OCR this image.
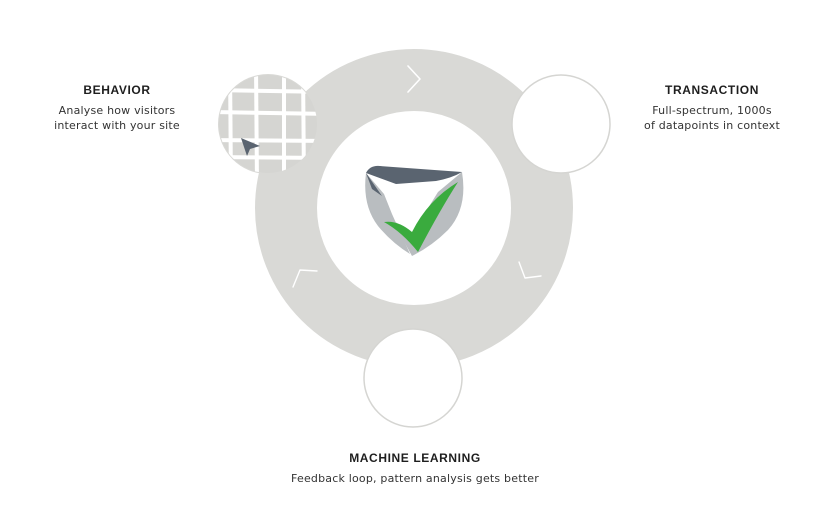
BEHAVIOR
Analyse how visitors
interact with your site
TRANSACTION
Full-spectrum, 1000s
of datapoints in context
MACHINE LEARNING
Feedback loop, pattern analysis gets better
